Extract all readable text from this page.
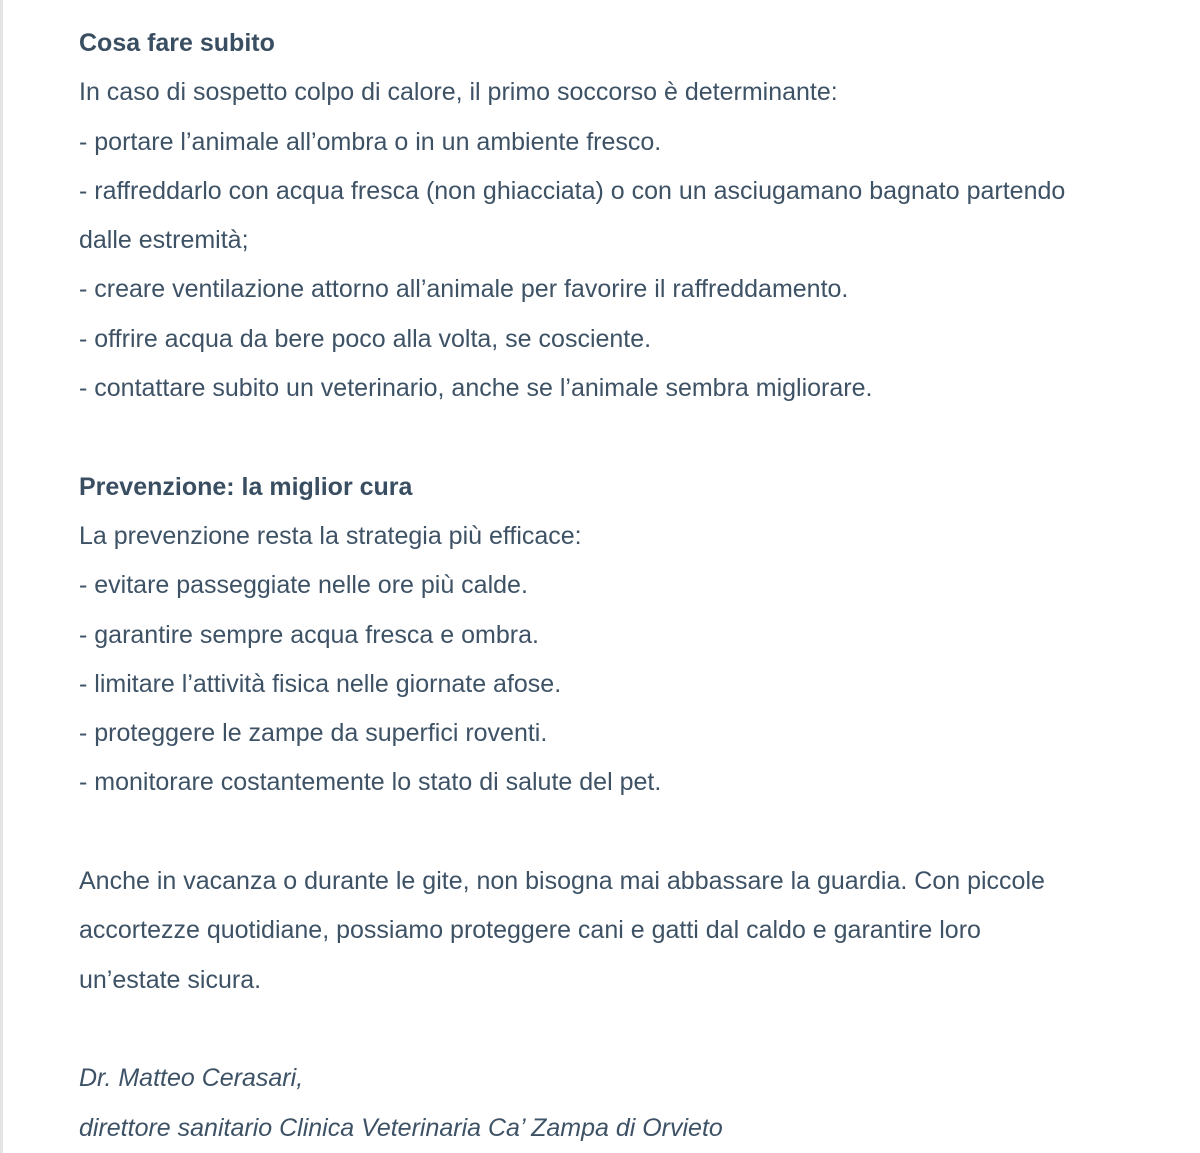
Cosa fare subito
In caso di sospetto colpo di calore, il primo soccorso è determinante:
- portare l’animale all’ombra o in un ambiente fresco.
- raffreddarlo con acqua fresca (non ghiacciata) o con un asciugamano bagnato partendo
dalle estremità;
- creare ventilazione attorno all’animale per favorire il raffreddamento.
- offrire acqua da bere poco alla volta, se cosciente.
- contattare subito un veterinario, anche se l’animale sembra migliorare.
Prevenzione: la miglior cura
La prevenzione resta la strategia più efficace:
- evitare passeggiate nelle ore più calde.
- garantire sempre acqua fresca e ombra.
- limitare l’attività fisica nelle giornate afose.
- proteggere le zampe da superfici roventi.
- monitorare costantemente lo stato di salute del pet.
Anche in vacanza o durante le gite, non bisogna mai abbassare la guardia. Con piccole
accortezze quotidiane, possiamo proteggere cani e gatti dal caldo e garantire loro
un’estate sicura.
Dr. Matteo Cerasari,
direttore sanitario Clinica Veterinaria Ca’ Zampa di Orvieto
